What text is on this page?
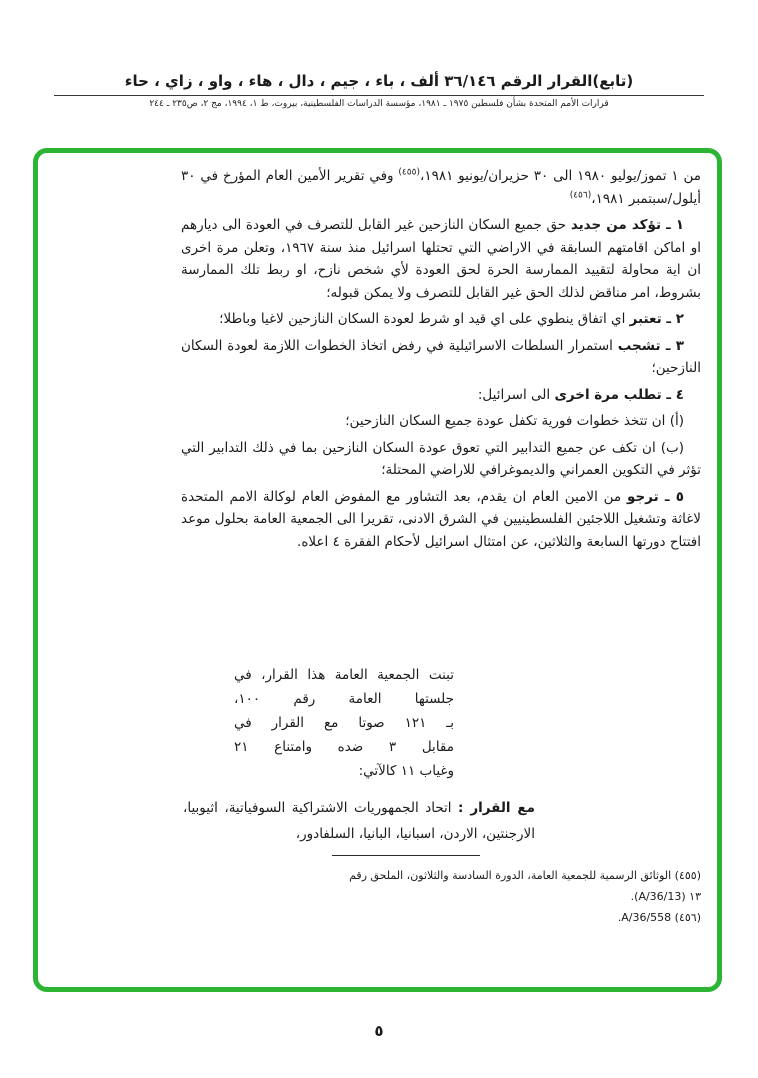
(تابع)القرار الرقم ٣٦/١٤٦ ألف ، باء ، جيم ، دال ، هاء ، واو ، زاي ، حاء
قرارات الأمم المتحدة بشأن فلسطين ١٩٧٥ ـ ١٩٨١، مؤسسة الدراسات الفلسطينية، بيروت، ط ١، ١٩٩٤، مج ٢، ص٢٣٥ ـ ٢٤٤

من ١ تموز/يوليو ١٩٨٠ الى ٣٠ حزيران/يونيو ١٩٨١،$^{(٤٥٥)}$ وفي تقرير الأمين العام المؤرخ في ٣٠ أيلول/سبتمبر ١٩٨١،$^{(٤٥٦)}$

١ ـ تؤكد من جديد حق جميع السكان النازحين غير القابل للتصرف في العودة الى ديارهم او اماكن اقامتهم السابقة في الاراضي التي تحتلها اسرائيل منذ سنة ١٩٦٧، وتعلن مرة اخرى ان اية محاولة لتقييد الممارسة الحرة لحق العودة لأي شخص نازح، او ربط تلك الممارسة بشروط، امر مناقض لذلك الحق غير القابل للتصرف ولا يمكن قبوله؛

٢ ـ تعتبر اي اتفاق ينطوي على اي قيد او شرط لعودة السكان النازحين لاغيا وباطلا؛

٣ ـ تشجب استمرار السلطات الاسرائيلية في رفض اتخاذ الخطوات اللازمة لعودة السكان النازحين؛

٤ ـ تطلب مرة اخرى الى اسرائيل:

(أ) ان تتخذ خطوات فورية تكفل عودة جميع السكان النازحين؛

(ب) ان تكف عن جميع التدابير التي تعوق عودة السكان النازحين بما في ذلك التدابير التي تؤثر في التكوين العمراني والديموغرافي للاراضي المحتلة؛

٥ ـ ترجو من الامين العام ان يقدم، بعد التشاور مع المفوض العام لوكالة الامم المتحدة لاغاثة وتشغيل اللاجئين الفلسطينيين في الشرق الادنى، تقريرا الى الجمعية العامة بحلول موعد افتتاح دورتها السابعة والثلاثين، عن امتثال اسرائيل لأحكام الفقرة ٤ اعلاه.

تبنت الجمعية العامة هذا القرار، في
جلستها العامة رقم ١٠٠،
بـ ١٢١ صوتا مع القرار في
مقابل ٣ ضده وامتناع ٢١
وغياب ١١ كالآتي:
مع القرار : اتحاد الجمهوريات الاشتراكية السوفياتية، اثيوبيا، الارجنتين، الاردن، اسبانيا، البانيا، السلفادور،
(٤٥٥) الوثائق الرسمية للجمعية العامة، الدورة السادسة والثلاثون، الملحق رقم
١٣ (A/36/13).
(٤٥٦) A/36/558.
٥
